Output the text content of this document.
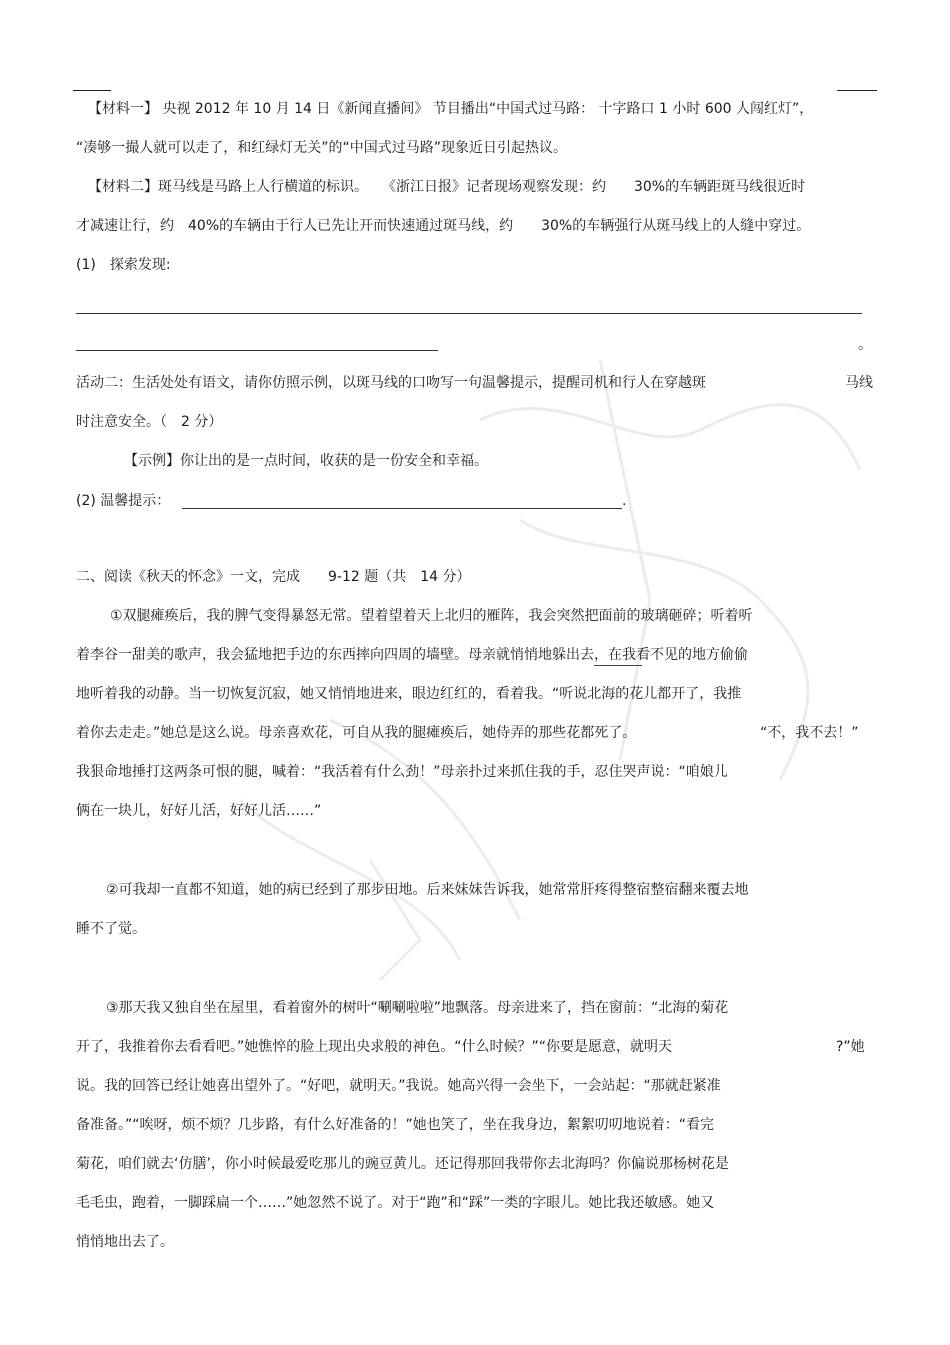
【材料一】 央视 2012 年 10 月 14 日《新闻直播间》 节目播出“中国式过马路： 十字路口 1 小时 600 人闯红灯”，
“凑够一撮人就可以走了，和红绿灯无关”的“中国式过马路”现象近日引起热议。
【材料二】斑马线是马路上人行横道的标识。　　《浙江日报》记者现场观察发现：约　　30%的车辆距斑马线很近时
才减速让行，约　40%的车辆由于行人已先让开而快速通过斑马线，约　　30%的车辆强行从斑马线上的人缝中穿过。
(1)　探索发现:
。
活动二：生活处处有语文，请你仿照示例，以斑马线的口吻写一句温馨提示，提醒司机和行人在穿越斑	马线
时注意安全。（　2 分）
【示例】你让出的是一点时间，收获的是一份安全和幸福。
(2) 温馨提示：	.
二、阅读《秋天的怀念》一文，完成　　9-12 题（共　14 分）
①双腿瘫痪后，我的脾气变得暴怒无常。望着望着天上北归的雁阵，我会突然把面前的玻璃砸碎；听着听
着李谷一甜美的歌声，我会猛地把手边的东西摔向四周的墙壁。母亲就悄悄地躲出去，在我看不见的地方偷偷
地听着我的动静。当一切恢复沉寂，她又悄悄地进来，眼边红红的，看着我。“听说北海的花儿都开了，我推
着你去走走。”她总是这么说。母亲喜欢花，可自从我的腿瘫痪后，她侍弄的那些花都死了。	“不，我不去！”
我狠命地捶打这两条可恨的腿，喊着：“我活着有什么劲！”母亲扑过来抓住我的手，忍住哭声说：“咱娘儿
俩在一块儿，好好儿活，好好儿活……”
②可我却一直都不知道，她的病已经到了那步田地。后来妹妹告诉我，她常常肝疼得整宿整宿翻来覆去地
睡不了觉。
③那天我又独自坐在屋里，看着窗外的树叶“唰唰啦啦”地飘落。母亲进来了，挡在窗前：“北海的菊花
开了，我推着你去看看吧。”她憔悴的脸上现出央求般的神色。“什么时候？”“你要是愿意，就明天	?”她
说。我的回答已经让她喜出望外了。“好吧，就明天。”我说。她高兴得一会坐下，一会站起：“那就赶紧准
备准备。”“唉呀，烦不烦？几步路，有什么好准备的！”她也笑了，坐在我身边，絮絮叨叨地说着：“看完
菊花，咱们就去‘仿膳’，你小时候最爱吃那儿的豌豆黄儿。还记得那回我带你去北海吗？你偏说那杨树花是
毛毛虫，跑着，一脚踩扁一个……”她忽然不说了。对于“跑”和“踩”一类的字眼儿。她比我还敏感。她又
悄悄地出去了。
